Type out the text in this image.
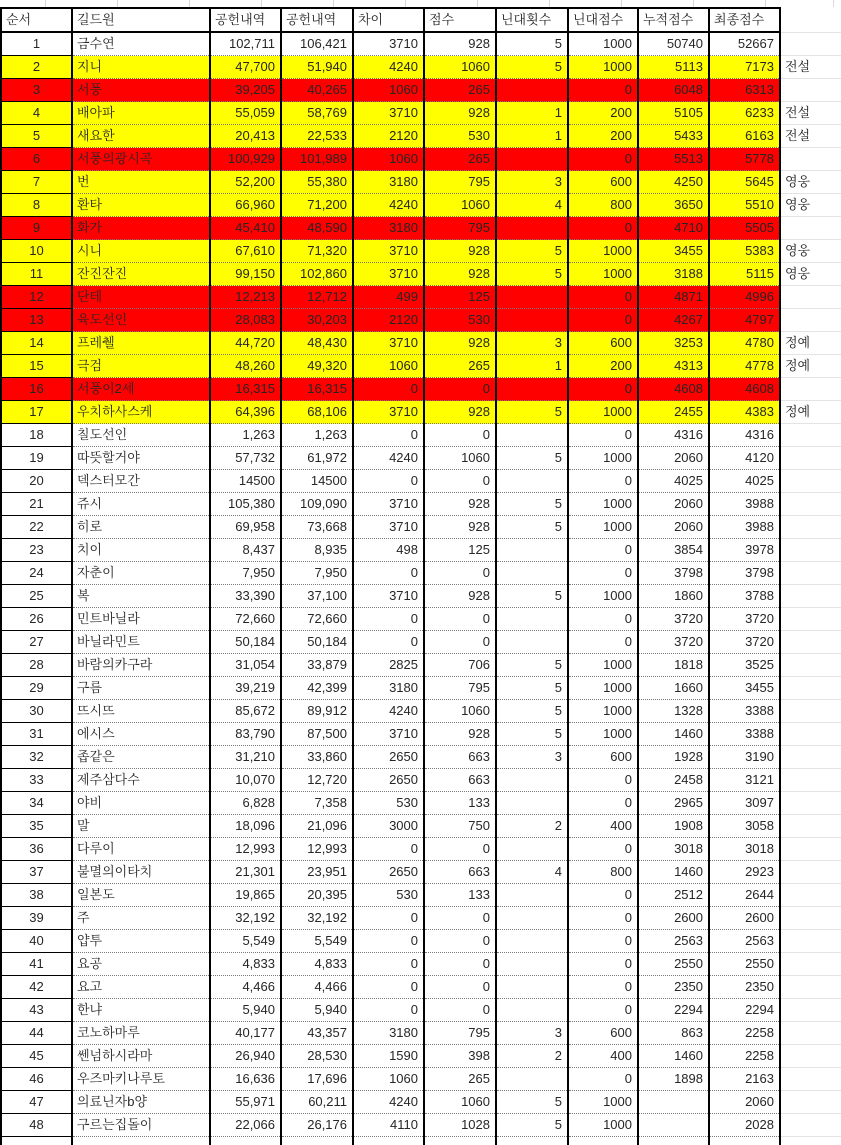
순서	길드원	공헌내역	공헌내역	차이	점수	닌대횟수	닌대점수	누적점수	최종점수	
1	금수연	102,711	106,421	3710	928	5	1000	50740	52667	
2	지니	47,700	51,940	4240	1060	5	1000	5113	7173	전설
3	서풍	39,205	40,265	1060	265		0	6048	6313	
4	배아파	55,059	58,769	3710	928	1	200	5105	6233	전설
5	새요한	20,413	22,533	2120	530	1	200	5433	6163	전설
6	서풍의광시곡	100,929	101,989	1060	265		0	5513	5778	
7	번	52,200	55,380	3180	795	3	600	4250	5645	영웅
8	환타	66,960	71,200	4240	1060	4	800	3650	5510	영웅
9	화가	45,410	48,590	3180	795		0	4710	5505	
10	시니	67,610	71,320	3710	928	5	1000	3455	5383	영웅
11	잔진잔진	99,150	102,860	3710	928	5	1000	3188	5115	영웅
12	단테	12,213	12,712	499	125		0	4871	4996	
13	육도선인	28,083	30,203	2120	530		0	4267	4797	
14	프레췔	44,720	48,430	3710	928	3	600	3253	4780	정예
15	극검	48,260	49,320	1060	265	1	200	4313	4778	정예
16	서풍이2세	16,315	16,315	0	0		0	4608	4608	
17	우치하사스케	64,396	68,106	3710	928	5	1000	2455	4383	정예
18	칠도선인	1,263	1,263	0	0		0	4316	4316	
19	따뜻할거야	57,732	61,972	4240	1060	5	1000	2060	4120	
20	덱스터모간	14500	14500	0	0		0	4025	4025	
21	쥬시	105,380	109,090	3710	928	5	1000	2060	3988	
22	히로	69,958	73,668	3710	928	5	1000	2060	3988	
23	치이	8,437	8,935	498	125		0	3854	3978	
24	자춘이	7,950	7,950	0	0		0	3798	3798	
25	복	33,390	37,100	3710	928	5	1000	1860	3788	
26	민트바닐라	72,660	72,660	0	0		0	3720	3720	
27	바닐라민트	50,184	50,184	0	0		0	3720	3720	
28	바람의카구라	31,054	33,879	2825	706	5	1000	1818	3525	
29	구름	39,219	42,399	3180	795	5	1000	1660	3455	
30	뜨시뜨	85,672	89,912	4240	1060	5	1000	1328	3388	
31	에시스	83,790	87,500	3710	928	5	1000	1460	3388	
32	좁같은	31,210	33,860	2650	663	3	600	1928	3190	
33	제주삼다수	10,070	12,720	2650	663		0	2458	3121	
34	야비	6,828	7,358	530	133		0	2965	3097	
35	말	18,096	21,096	3000	750	2	400	1908	3058	
36	다루이	12,993	12,993	0	0		0	3018	3018	
37	불멸의이타치	21,301	23,951	2650	663	4	800	1460	2923	
38	일본도	19,865	20,395	530	133		0	2512	2644	
39	주	32,192	32,192	0	0		0	2600	2600	
40	얍투	5,549	5,549	0	0		0	2563	2563	
41	요공	4,833	4,833	0	0		0	2550	2550	
42	요고	4,466	4,466	0	0		0	2350	2350	
43	한냐	5,940	5,940	0	0		0	2294	2294	
44	코노하마루	40,177	43,357	3180	795	3	600	863	2258	
45	쎈넘하시라마	26,940	28,530	1590	398	2	400	1460	2258	
46	우즈마키나루토	16,636	17,696	1060	265		0	1898	2163	
47	의료닌자b양	55,971	60,211	4240	1060	5	1000		2060	
48	구르는집돌이	22,066	26,176	4110	1028	5	1000		2028	
